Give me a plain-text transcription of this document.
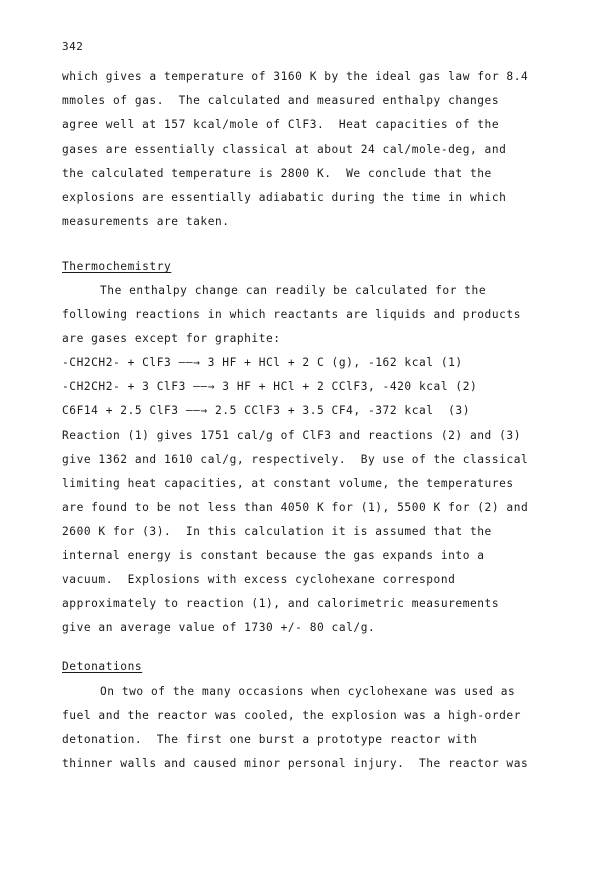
342
which gives a temperature of 3160 K by the ideal gas law for 8.4
mmoles of gas.  The calculated and measured enthalpy changes
agree well at 157 kcal/mole of ClF3.  Heat capacities of the
gases are essentially classical at about 24 cal/mole-deg, and
the calculated temperature is 2800 K.  We conclude that the
explosions are essentially adiabatic during the time in which
measurements are taken.
Thermochemistry
The enthalpy change can readily be calculated for the
following reactions in which reactants are liquids and products
are gases except for graphite:
-CH2CH2- + ClF3 ——→ 3 HF + HCl + 2 C (g), -162 kcal (1)
-CH2CH2- + 3 ClF3 ——→ 3 HF + HCl + 2 CClF3, -420 kcal (2)
C6F14 + 2.5 ClF3 ——→ 2.5 CClF3 + 3.5 CF4, -372 kcal  (3)
Reaction (1) gives 1751 cal/g of ClF3 and reactions (2) and (3)
give 1362 and 1610 cal/g, respectively.  By use of the classical
limiting heat capacities, at constant volume, the temperatures
are found to be not less than 4050 K for (1), 5500 K for (2) and
2600 K for (3).  In this calculation it is assumed that the
internal energy is constant because the gas expands into a
vacuum.  Explosions with excess cyclohexane correspond
approximately to reaction (1), and calorimetric measurements
give an average value of 1730 +/- 80 cal/g.
Detonations
On two of the many occasions when cyclohexane was used as
fuel and the reactor was cooled, the explosion was a high-order
detonation.  The first one burst a prototype reactor with
thinner walls and caused minor personal injury.  The reactor was
